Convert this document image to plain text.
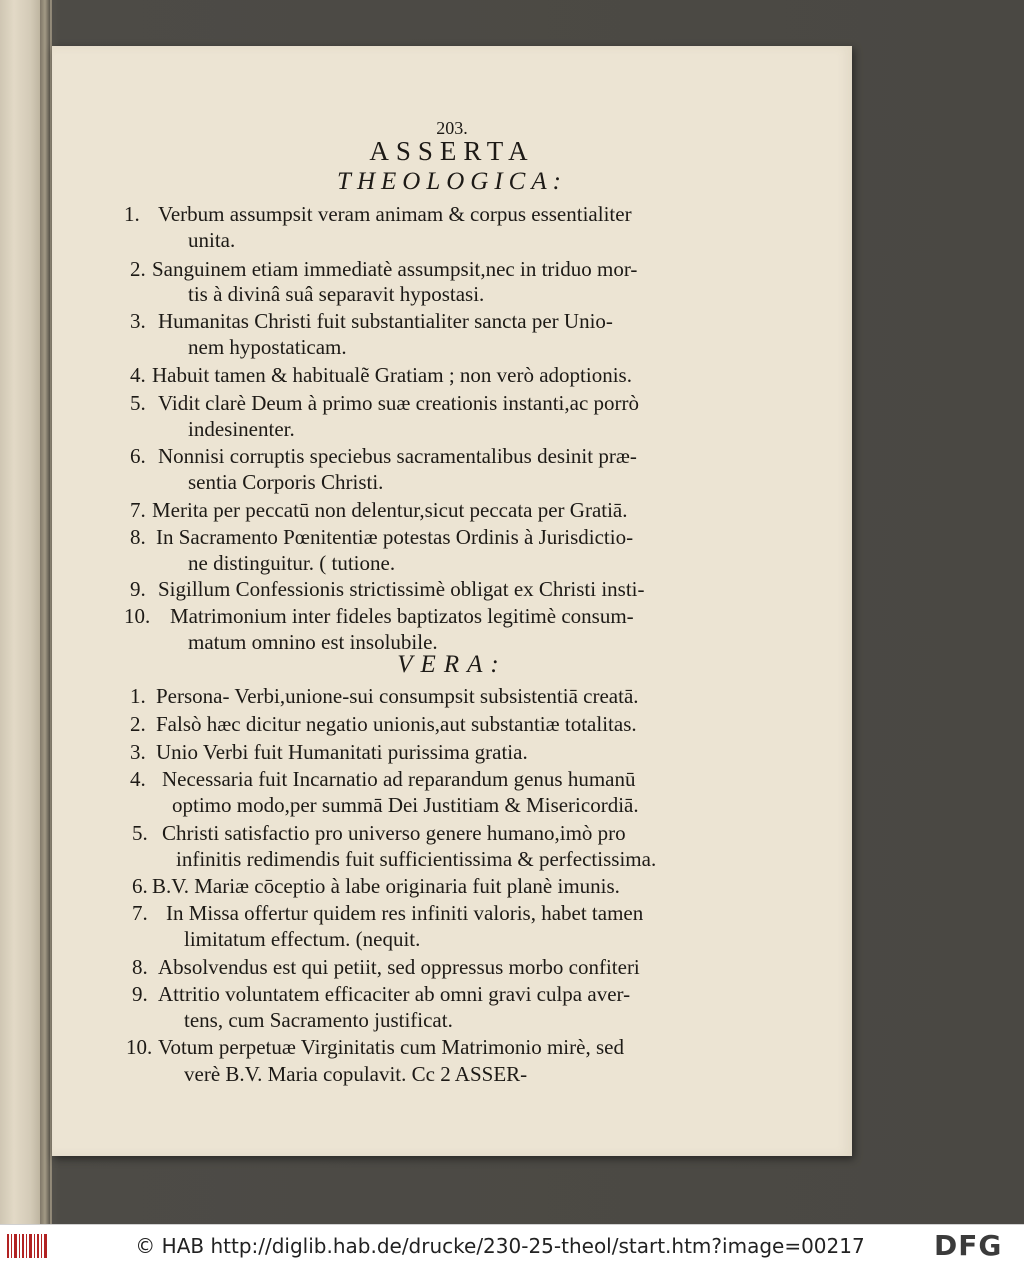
203.
ASSERTA
THEOLOGICA:
1. Verbum assumpsit veram animam & corpus essentialiter
unita.
2. Sanguinem etiam immediatè assumpsit,nec in triduo mor-
tis à divinâ suâ separavit hypostasi.
3. Humanitas Christi fuit substantialiter sancta per Unio-
nem hypostaticam.
4. Habuit tamen & habitualẽ Gratiam ; non verò adoptionis.
5. Vidit clarè Deum à primo suæ creationis instanti,ac porrò
indesinenter.
6. Nonnisi corruptis speciebus sacramentalibus desinit præ-
sentia Corporis Christi.
7. Merita per peccatū non delentur,sicut peccata per Gratiā.
8. In Sacramento Pœnitentiæ potestas Ordinis à Jurisdictio-
ne distinguitur. ( tutione.
9. Sigillum Confessionis strictissimè obligat ex Christi insti-
10. Matrimonium inter fideles baptizatos legitimè consum-
matum omnino est insolubile.
VERA:
1. Persona- Verbi,unione-sui consumpsit subsistentiā creatā.
2. Falsò hæc dicitur negatio unionis,aut substantiæ totalitas.
3. Unio Verbi fuit Humanitati purissima gratia.
4. Necessaria fuit Incarnatio ad reparandum genus humanū
optimo modo,per summā Dei Justitiam & Misericordiā.
5. Christi satisfactio pro universo genere humano,imò pro
infinitis redimendis fuit sufficientissima & perfectissima.
6. B.V. Mariæ cōceptio à labe originaria fuit planè imunis.
7. In Missa offertur quidem res infiniti valoris, habet tamen
limitatum effectum. (nequit.
8. Absolvendus est qui petiit, sed oppressus morbo confiteri
9. Attritio voluntatem efficaciter ab omni gravi culpa aver-
tens, cum Sacramento justificat.
10. Votum perpetuæ Virginitatis cum Matrimonio mirè, sed
verè B.V. Maria copulavit. Cc 2 ASSER-
© HAB http://diglib.hab.de/drucke/230-25-theol/start.htm?image=00217	DFG
